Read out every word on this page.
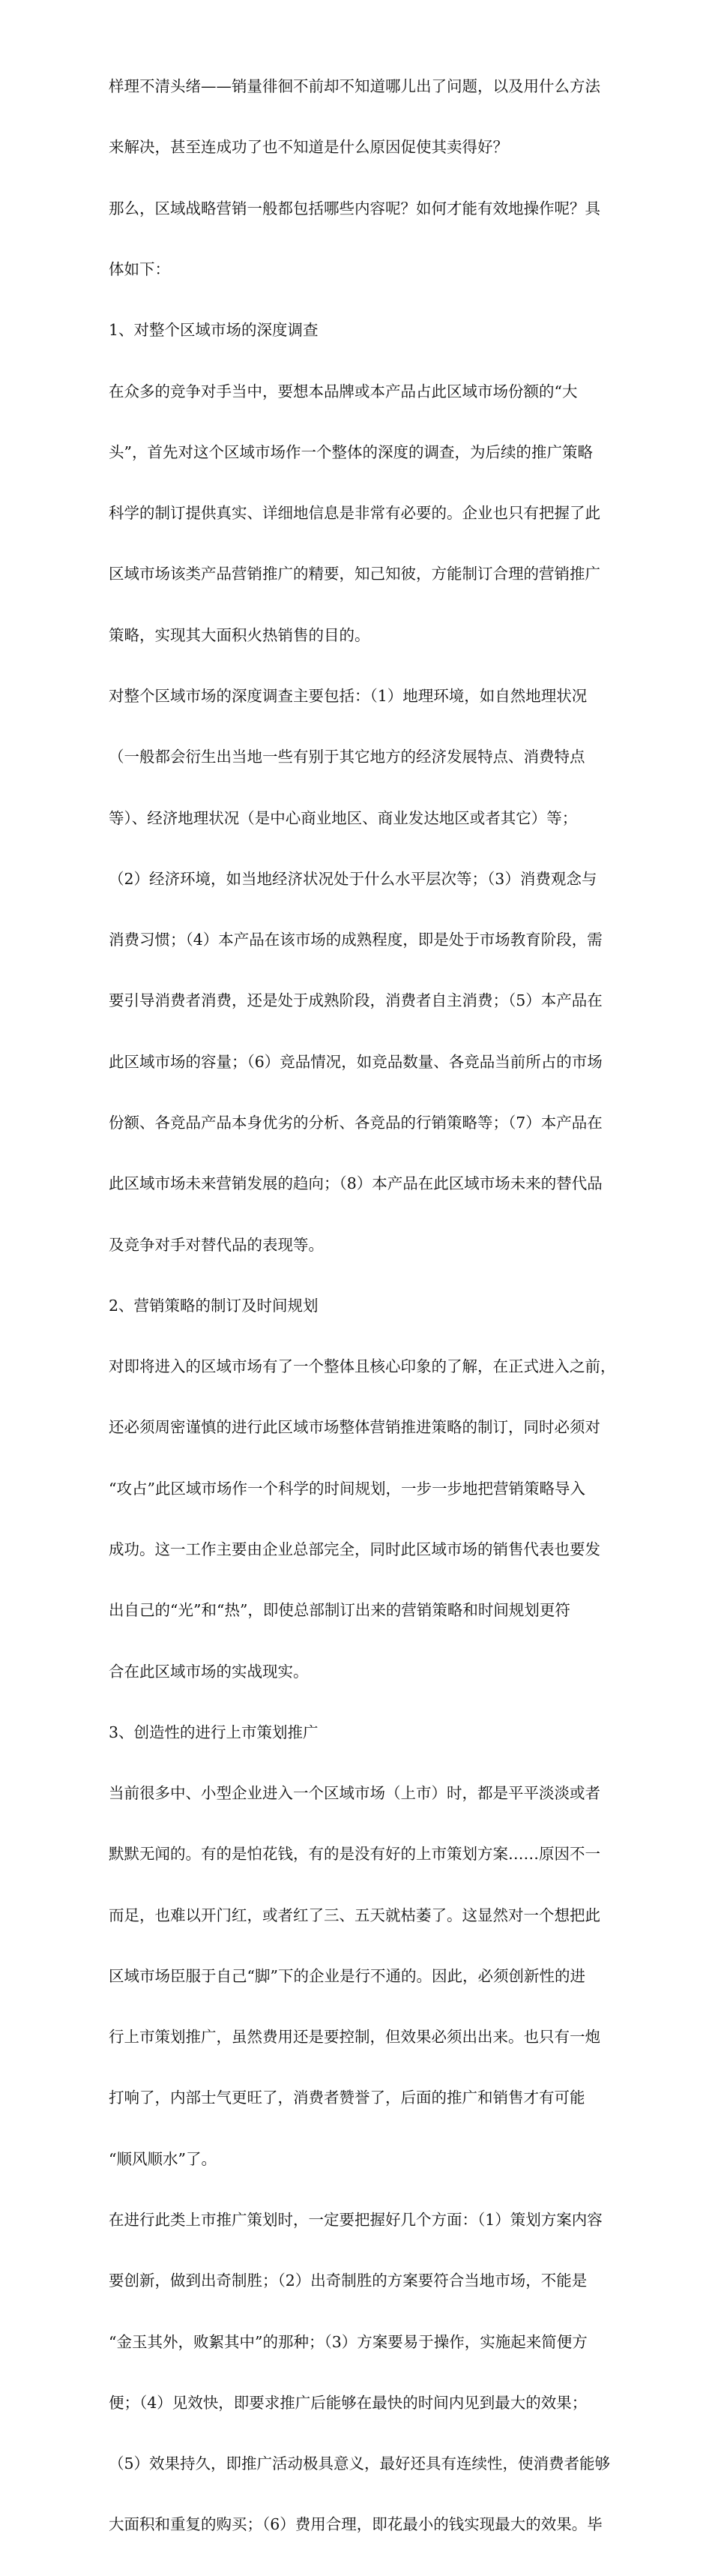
样理不清头绪——销量徘徊不前却不知道哪儿出了问题，以及用什么方法

来解决，甚至连成功了也不知道是什么原因促使其卖得好？

那么，区域战略营销一般都包括哪些内容呢？如何才能有效地操作呢？具

体如下：

1、对整个区域市场的深度调查

在众多的竞争对手当中，要想本品牌或本产品占此区域市场份额的“大

头”，首先对这个区域市场作一个整体的深度的调查，为后续的推广策略

科学的制订提供真实、详细地信息是非常有必要的。企业也只有把握了此

区域市场该类产品营销推广的精要，知己知彼，方能制订合理的营销推广

策略，实现其大面积火热销售的目的。

对整个区域市场的深度调查主要包括：（1）地理环境，如自然地理状况

（一般都会衍生出当地一些有别于其它地方的经济发展特点、消费特点

等）、经济地理状况（是中心商业地区、商业发达地区或者其它）等；

（2）经济环境，如当地经济状况处于什么水平层次等；（3）消费观念与

消费习惯；（4）本产品在该市场的成熟程度，即是处于市场教育阶段，需

要引导消费者消费，还是处于成熟阶段，消费者自主消费；（5）本产品在

此区域市场的容量；（6）竞品情况，如竞品数量、各竞品当前所占的市场

份额、各竞品产品本身优劣的分析、各竞品的行销策略等；（7）本产品在

此区域市场未来营销发展的趋向；（8）本产品在此区域市场未来的替代品

及竞争对手对替代品的表现等。

2、营销策略的制订及时间规划

对即将进入的区域市场有了一个整体且核心印象的了解，在正式进入之前，

还必须周密谨慎的进行此区域市场整体营销推进策略的制订，同时必须对

“攻占”此区域市场作一个科学的时间规划，一步一步地把营销策略导入

成功。这一工作主要由企业总部完全，同时此区域市场的销售代表也要发

出自己的“光”和“热”，即使总部制订出来的营销策略和时间规划更符

合在此区域市场的实战现实。

3、创造性的进行上市策划推广

当前很多中、小型企业进入一个区域市场（上市）时，都是平平淡淡或者

默默无闻的。有的是怕花钱，有的是没有好的上市策划方案……原因不一

而足，也难以开门红，或者红了三、五天就枯萎了。这显然对一个想把此

区域市场臣服于自己“脚”下的企业是行不通的。因此，必须创新性的进

行上市策划推广，虽然费用还是要控制，但效果必须出出来。也只有一炮

打响了，内部士气更旺了，消费者赞誉了，后面的推广和销售才有可能

“顺风顺水”了。

在进行此类上市推广策划时，一定要把握好几个方面：（1）策划方案内容

要创新，做到出奇制胜；（2）出奇制胜的方案要符合当地市场，不能是

“金玉其外，败絮其中”的那种；（3）方案要易于操作，实施起来简便方

便；（4）见效快，即要求推广后能够在最快的时间内见到最大的效果；

（5）效果持久，即推广活动极具意义，最好还具有连续性，使消费者能够

大面积和重复的购买；（6）费用合理，即花最小的钱实现最大的效果。毕
